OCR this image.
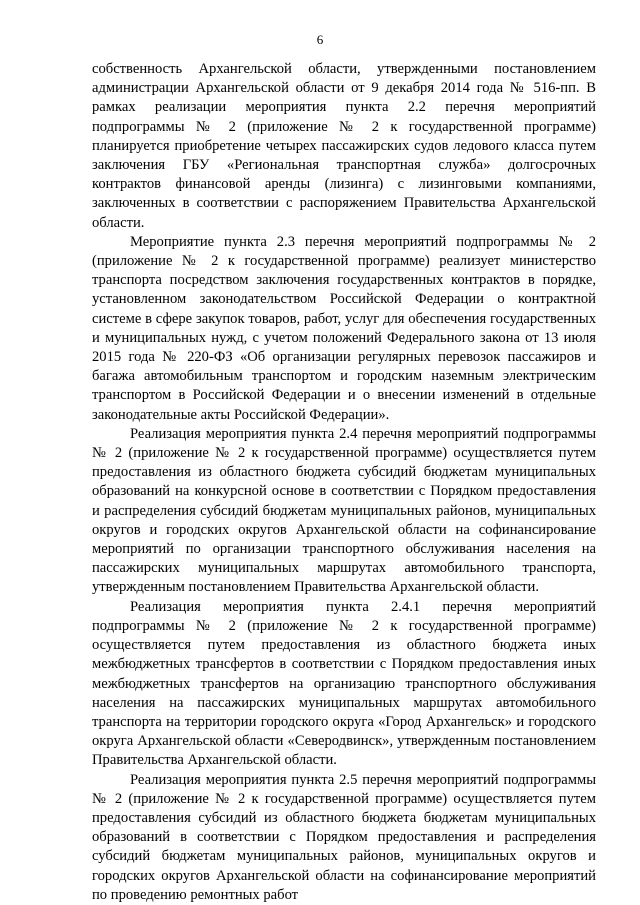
6

собственность Архангельской области, утвержденными постановлением администрации Архангельской области от 9 декабря 2014 года № 516-пп. В рамках реализации мероприятия пункта 2.2 перечня мероприятий подпрограммы № 2 (приложение № 2 к государственной программе) планируется приобретение четырех пассажирских судов ледового класса путем заключения ГБУ «Региональная транспортная служба» долгосрочных контрактов финансовой аренды (лизинга) с лизинговыми компаниями, заключенных в соответствии с распоряжением Правительства Архангельской области.

Мероприятие пункта 2.3 перечня мероприятий подпрограммы № 2 (приложение № 2 к государственной программе) реализует министерство транспорта посредством заключения государственных контрактов в порядке, установленном законодательством Российской Федерации о контрактной системе в сфере закупок товаров, работ, услуг для обеспечения государственных и муниципальных нужд, с учетом положений Федерального закона от 13 июля 2015 года № 220-ФЗ «Об организации регулярных перевозок пассажиров и багажа автомобильным транспортом и городским наземным электрическим транспортом в Российской Федерации и о внесении изменений в отдельные законодательные акты Российской Федерации».

Реализация мероприятия пункта 2.4 перечня мероприятий подпрограммы № 2 (приложение № 2 к государственной программе) осуществляется путем предоставления из областного бюджета субсидий бюджетам муниципальных образований на конкурсной основе в соответствии с Порядком предоставления и распределения субсидий бюджетам муниципальных районов, муниципальных округов и городских округов Архангельской области на софинансирование мероприятий по организации транспортного обслуживания населения на пассажирских муниципальных маршрутах автомобильного транспорта, утвержденным постановлением Правительства Архангельской области.

Реализация мероприятия пункта 2.4.1 перечня мероприятий подпрограммы № 2 (приложение № 2 к государственной программе) осуществляется путем предоставления из областного бюджета иных межбюджетных трансфертов в соответствии с Порядком предоставления иных межбюджетных трансфертов на организацию транспортного обслуживания населения на пассажирских муниципальных маршрутах автомобильного транспорта на территории городского округа «Город Архангельск» и городского округа Архангельской области «Северодвинск», утвержденным постановлением Правительства Архангельской области.

Реализация мероприятия пункта 2.5 перечня мероприятий подпрограммы № 2 (приложение № 2 к государственной программе) осуществляется путем предоставления субсидий из областного бюджета бюджетам муниципальных образований в соответствии с Порядком предоставления и распределения субсидий бюджетам муниципальных районов, муниципальных округов и городских округов Архангельской области на софинансирование мероприятий по проведению ремонтных работ
